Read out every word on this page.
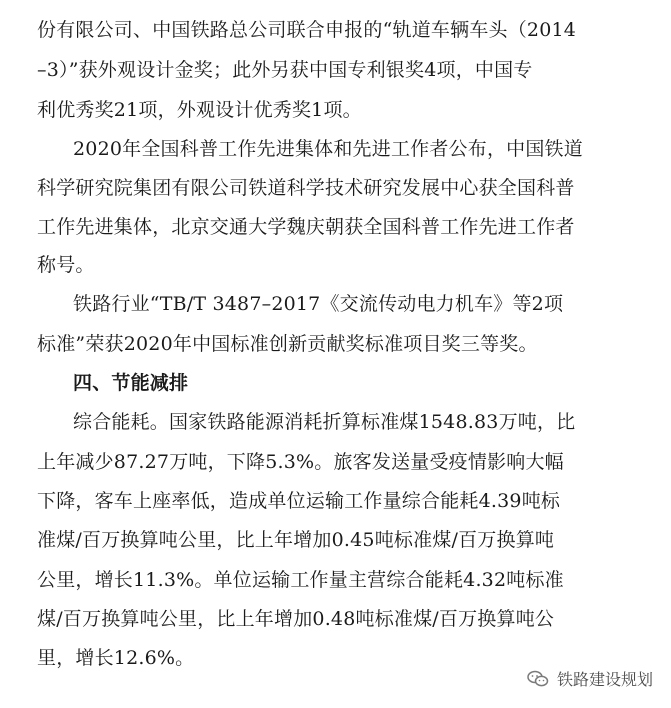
份有限公司、中国铁路总公司联合申报的“轨道车辆车头（2014
–3）”获外观设计金奖；此外另获中国专利银奖4项，中国专
利优秀奖21项，外观设计优秀奖1项。
2020年全国科普工作先进集体和先进工作者公布，中国铁道
科学研究院集团有限公司铁道科学技术研究发展中心获全国科普
工作先进集体，北京交通大学魏庆朝获全国科普工作先进工作者
称号。
铁路行业“TB/T 3487–2017《交流传动电力机车》等2项
标准”荣获2020年中国标准创新贡献奖标准项目奖三等奖。
四、节能减排
综合能耗。国家铁路能源消耗折算标准煤1548.83万吨，比
上年减少87.27万吨，下降5.3%。旅客发送量受疫情影响大幅
下降，客车上座率低，造成单位运输工作量综合能耗4.39吨标
准煤/百万换算吨公里，比上年增加0.45吨标准煤/百万换算吨
公里，增长11.3%。单位运输工作量主营综合能耗4.32吨标准
煤/百万换算吨公里，比上年增加0.48吨标准煤/百万换算吨公
里，增长12.6%。
铁路建设规划
